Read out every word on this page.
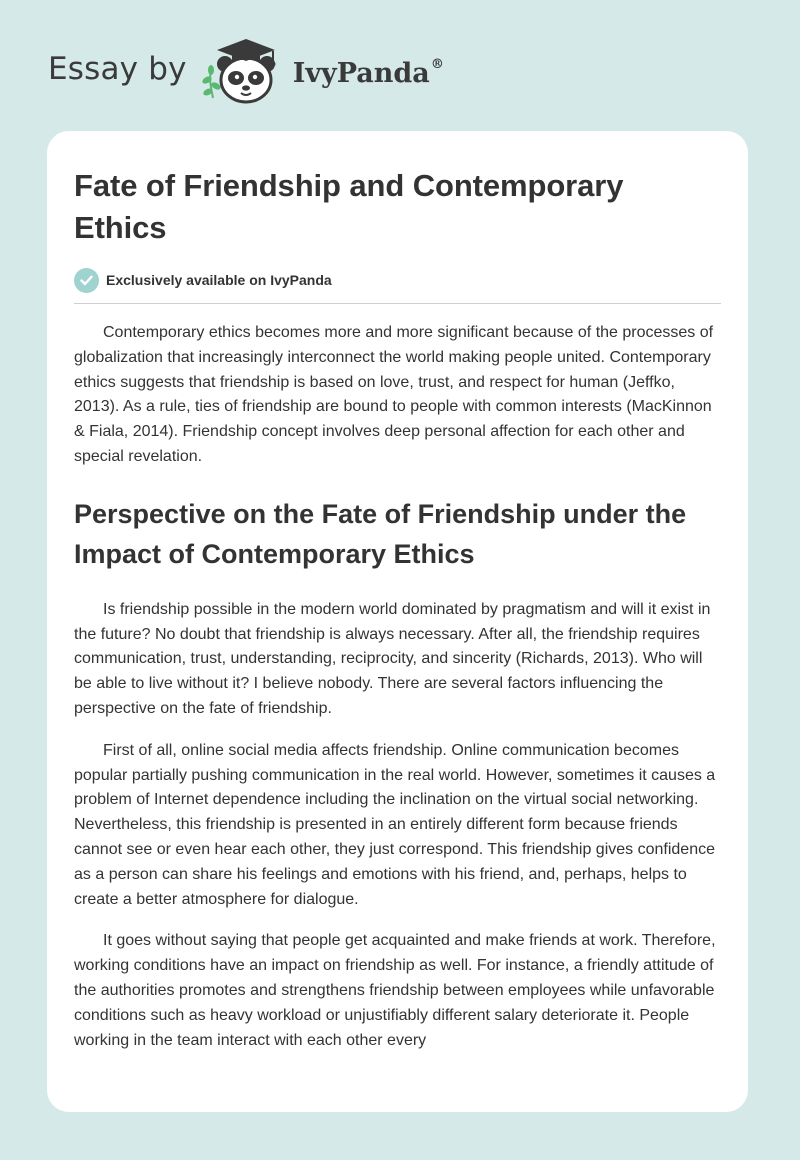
Essay by	IvyPanda®
Fate of Friendship and Contemporary Ethics
Exclusively available on IvyPanda

Contemporary ethics becomes more and more significant because of the processes of globalization that increasingly interconnect the world making people united. Contemporary ethics suggests that friendship is based on love, trust, and respect for human (Jeffko, 2013). As a rule, ties of friendship are bound to people with common interests (MacKinnon & Fiala, 2014). Friendship concept involves deep personal affection for each other and special revelation.

Perspective on the Fate of Friendship under the Impact of Contemporary Ethics

Is friendship possible in the modern world dominated by pragmatism and will it exist in the future? No doubt that friendship is always necessary. After all, the friendship requires communication, trust, understanding, reciprocity, and sincerity (Richards, 2013). Who will be able to live without it? I believe nobody. There are several factors influencing the perspective on the fate of friendship.

First of all, online social media affects friendship. Online communication becomes popular partially pushing communication in the real world. However, sometimes it causes a problem of Internet dependence including the inclination on the virtual social networking. Nevertheless, this friendship is presented in an entirely different form because friends cannot see or even hear each other, they just correspond. This friendship gives confidence as a person can share his feelings and emotions with his friend, and, perhaps, helps to create a better atmosphere for dialogue.

It goes without saying that people get acquainted and make friends at work. Therefore, working conditions have an impact on friendship as well. For instance, a friendly attitude of the authorities promotes and strengthens friendship between employees while unfavorable conditions such as heavy workload or unjustifiably different salary deteriorate it. People working in the team interact with each other every
